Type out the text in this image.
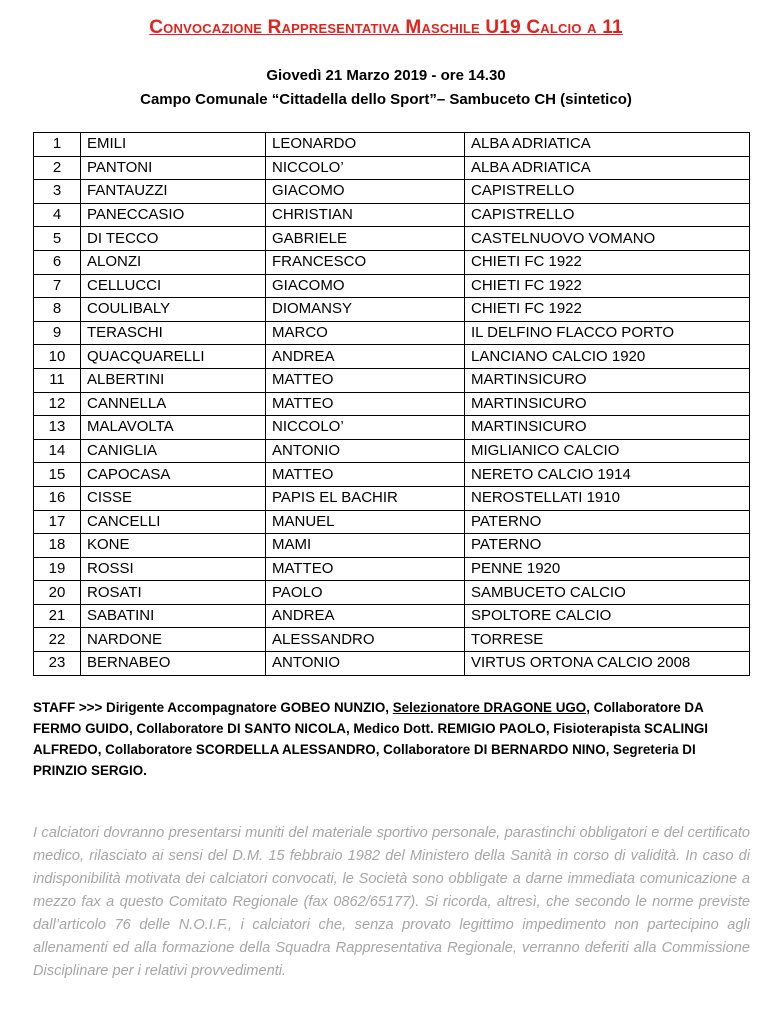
Convocazione Rappresentativa Maschile U19 Calcio a 11
Giovedì 21 Marzo 2019 - ore 14.30
Campo Comunale “Cittadella dello Sport”– Sambuceto CH (sintetico)
1	EMILI	LEONARDO	ALBA ADRIATICA
2	PANTONI	NICCOLO’	ALBA ADRIATICA
3	FANTAUZZI	GIACOMO	CAPISTRELLO
4	PANECCASIO	CHRISTIAN	CAPISTRELLO
5	DI TECCO	GABRIELE	CASTELNUOVO VOMANO
6	ALONZI	FRANCESCO	CHIETI FC 1922
7	CELLUCCI	GIACOMO	CHIETI FC 1922
8	COULIBALY	DIOMANSY	CHIETI FC 1922
9	TERASCHI	MARCO	IL DELFINO FLACCO PORTO
10	QUACQUARELLI	ANDREA	LANCIANO CALCIO 1920
11	ALBERTINI	MATTEO	MARTINSICURO
12	CANNELLA	MATTEO	MARTINSICURO
13	MALAVOLTA	NICCOLO’	MARTINSICURO
14	CANIGLIA	ANTONIO	MIGLIANICO CALCIO
15	CAPOCASA	MATTEO	NERETO CALCIO 1914
16	CISSE	PAPIS EL BACHIR	NEROSTELLATI 1910
17	CANCELLI	MANUEL	PATERNO
18	KONE	MAMI	PATERNO
19	ROSSI	MATTEO	PENNE 1920
20	ROSATI	PAOLO	SAMBUCETO CALCIO
21	SABATINI	ANDREA	SPOLTORE CALCIO
22	NARDONE	ALESSANDRO	TORRESE
23	BERNABEO	ANTONIO	VIRTUS ORTONA CALCIO 2008
STAFF >>> Dirigente Accompagnatore GOBEO NUNZIO, Selezionatore DRAGONE UGO, Collaboratore DA FERMO GUIDO, Collaboratore DI SANTO NICOLA, Medico Dott. REMIGIO PAOLO, Fisioterapista SCALINGI ALFREDO, Collaboratore SCORDELLA ALESSANDRO, Collaboratore DI BERNARDO NINO, Segreteria DI PRINZIO SERGIO.
I calciatori dovranno presentarsi muniti del materiale sportivo personale, parastinchi obbligatori e del certificato medico, rilasciato ai sensi del D.M. 15 febbraio 1982 del Ministero della Sanità in corso di validità. In caso di indisponibilità motivata dei calciatori convocati, le Società sono obbligate a darne immediata comunicazione a mezzo fax a questo Comitato Regionale (fax 0862/65177). Si ricorda, altresì, che secondo le norme previste dall’articolo 76 delle N.O.I.F., i calciatori che, senza provato legittimo impedimento non partecipino agli allenamenti ed alla formazione della Squadra Rappresentativa Regionale, verranno deferiti alla Commissione Disciplinare per i relativi provvedimenti.
